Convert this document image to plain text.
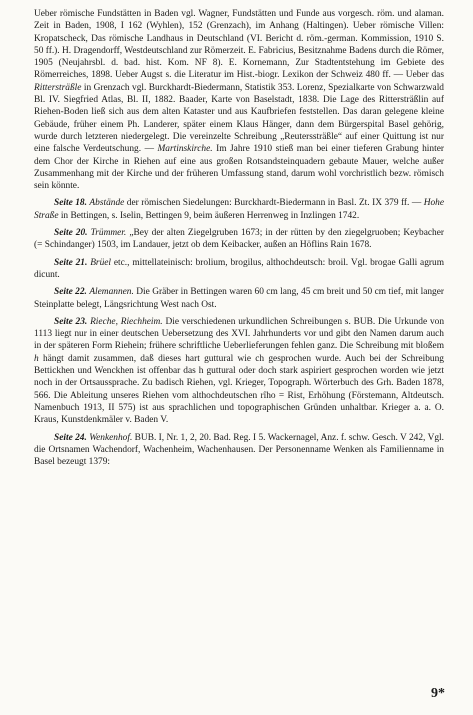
Ueber römische Fundstätten in Baden vgl. Wagner, Fundstätten und Funde aus vorgesch. röm. und alaman. Zeit in Baden, 1908, I 162 (Wyhlen), 152 (Grenzach), im Anhang (Haltingen). Ueber römische Villen: Kropatscheck, Das römische Landhaus in Deutschland (VI. Bericht d. röm.-german. Kommission, 1910 S. 50 ff.). H. Dragendorff, Westdeutschland zur Römerzeit. E. Fabricius, Besitznahme Badens durch die Römer, 1905 (Neujahrsbl. d. bad. hist. Kom. NF 8). E. Kornemann, Zur Stadtentstehung im Gebiete des Römerreiches, 1898. Ueber Augst s. die Literatur im Hist.-biogr. Lexikon der Schweiz 480 ff. — Ueber das Rittersträßle in Grenzach vgl. Burckhardt-Biedermann, Statistik 353. Lorenz, Spezialkarte von Schwarzwald Bl. IV. Siegfried Atlas, Bl. II, 1882. Baader, Karte von Baselstadt, 1838. Die Lage des Rittersträßlin auf Riehen-Boden ließ sich aus dem alten Kataster und aus Kaufbriefen feststellen. Das daran gelegene kleine Gebäude, früher einem Ph. Landerer, später einem Klaus Hänger, dann dem Bürgerspital Basel gehörig, wurde durch letzteren niedergelegt. Die vereinzelte Schreibung „Reuterssträßle“ auf einer Quittung ist nur eine falsche Verdeutschung. — Martinskirche. Im Jahre 1910 stieß man bei einer tieferen Grabung hinter dem Chor der Kirche in Riehen auf eine aus großen Rotsandsteinquadern gebaute Mauer, welche außer Zusammenhang mit der Kirche und der früheren Umfassung stand, darum wohl vorchristlich bezw. römisch sein könnte.

Seite 18. Abstände der römischen Siedelungen: Burckhardt-Biedermann in Basl. Zt. IX 379 ff. — Hohe Straße in Bettingen, s. Iselin, Bettingen 9, beim äußeren Herrenweg in Inzlingen 1742.

Seite 20. Trümmer. „Bey der alten Ziegelgruben 1673; in der rütten by den ziegelgruoben; Keybacher (= Schindanger) 1503, im Landauer, jetzt ob dem Keibacker, außen an Höflins Rain 1678.

Seite 21. Brüel etc., mittellateinisch: brolium, brogilus, althochdeutsch: broil. Vgl. brogae Galli agrum dicunt.

Seite 22. Alemannen. Die Gräber in Bettingen waren 60 cm lang, 45 cm breit und 50 cm tief, mit langer Steinplatte belegt, Längsrichtung West nach Ost.

Seite 23. Rieche, Riechheim. Die verschiedenen urkundlichen Schreibungen s. BUB. Die Urkunde von 1113 liegt nur in einer deutschen Uebersetzung des XVI. Jahrhunderts vor und gibt den Namen darum auch in der späteren Form Riehein; frühere schriftliche Ueberlieferungen fehlen ganz. Die Schreibung mit bloßem h hängt damit zusammen, daß dieses hart guttural wie ch gesprochen wurde. Auch bei der Schreibung Bettickhen und Wenckhen ist offenbar das h guttural oder doch stark aspiriert gesprochen worden wie jetzt noch in der Ortsaussprache. Zu badisch Riehen, vgl. Krieger, Topograph. Wörterbuch des Grh. Baden 1878, 566. Die Ableitung unseres Riehen vom althochdeutschen rîho = Rist, Erhöhung (Förstemann, Altdeutsch. Namenbuch 1913, II 575) ist aus sprachlichen und topographischen Gründen unhaltbar. Krieger a. a. O. Kraus, Kunstdenkmäler v. Baden V.

Seite 24. Wenkenhof. BUB. I, Nr. 1, 2, 20. Bad. Reg. I 5. Wackernagel, Anz. f. schw. Gesch. V 242, Vgl. die Ortsnamen Wachendorf, Wachenheim, Wachenhausen. Der Personenname Wenken als Familienname in Basel bezeugt 1379:

9*
